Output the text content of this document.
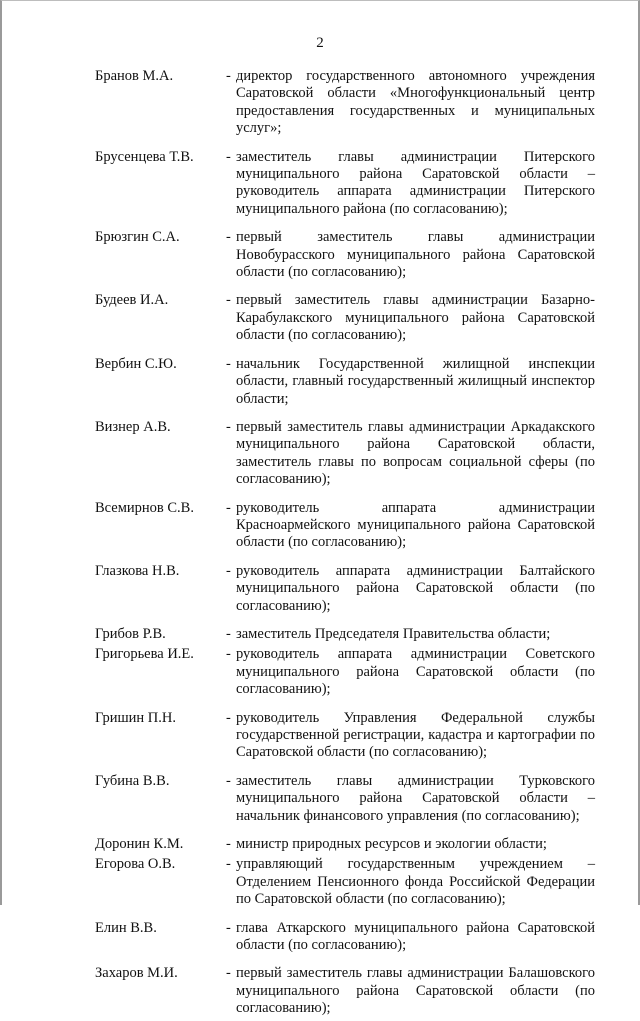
2
Бранов М.А.	- директор государственного автономного учреждения Саратовской области «Многофункциональный центр предоставления государственных и муниципальных услуг»;
Брусенцева Т.В.	- заместитель главы администрации Питерского муниципального района Саратовской области – руководитель аппарата администрации Питерского муниципального района (по согласованию);
Брюзгин С.А.	- первый заместитель главы администрации Новобурасского муниципального района Саратовской области (по согласованию);
Будеев И.А.	- первый заместитель главы администрации Базарно-Карабулакского муниципального района Саратовской области (по согласованию);
Вербин С.Ю.	- начальник Государственной жилищной инспекции области, главный государственный жилищный инспектор области;
Визнер А.В.	- первый заместитель главы администрации Аркадакского муниципального района Саратовской области, заместитель главы по вопросам социальной сферы (по согласованию);
Всемирнов С.В.	- руководитель аппарата администрации Красноармейского муниципального района Саратовской области (по согласованию);
Глазкова Н.В.	- руководитель аппарата администрации Балтайского муниципального района Саратовской области (по согласованию);
Грибов Р.В.	- заместитель Председателя Правительства области;
Григорьева И.Е.	- руководитель аппарата администрации Советского муниципального района Саратовской области (по согласованию);
Гришин П.Н.	- руководитель Управления Федеральной службы государственной регистрации, кадастра и картографии по Саратовской области (по согласованию);
Губина В.В.	- заместитель главы администрации Турковского муниципального района Саратовской области – начальник финансового управления (по согласованию);
Доронин К.М.	- министр природных ресурсов и экологии области;
Егорова О.В.	- управляющий государственным учреждением – Отделением Пенсионного фонда Российской Федерации по Саратовской области (по согласованию);
Елин В.В.	- глава Аткарского муниципального района Саратовской области (по согласованию);
Захаров М.И.	- первый заместитель главы администрации Балашовского муниципального района Саратовской области (по согласованию);
